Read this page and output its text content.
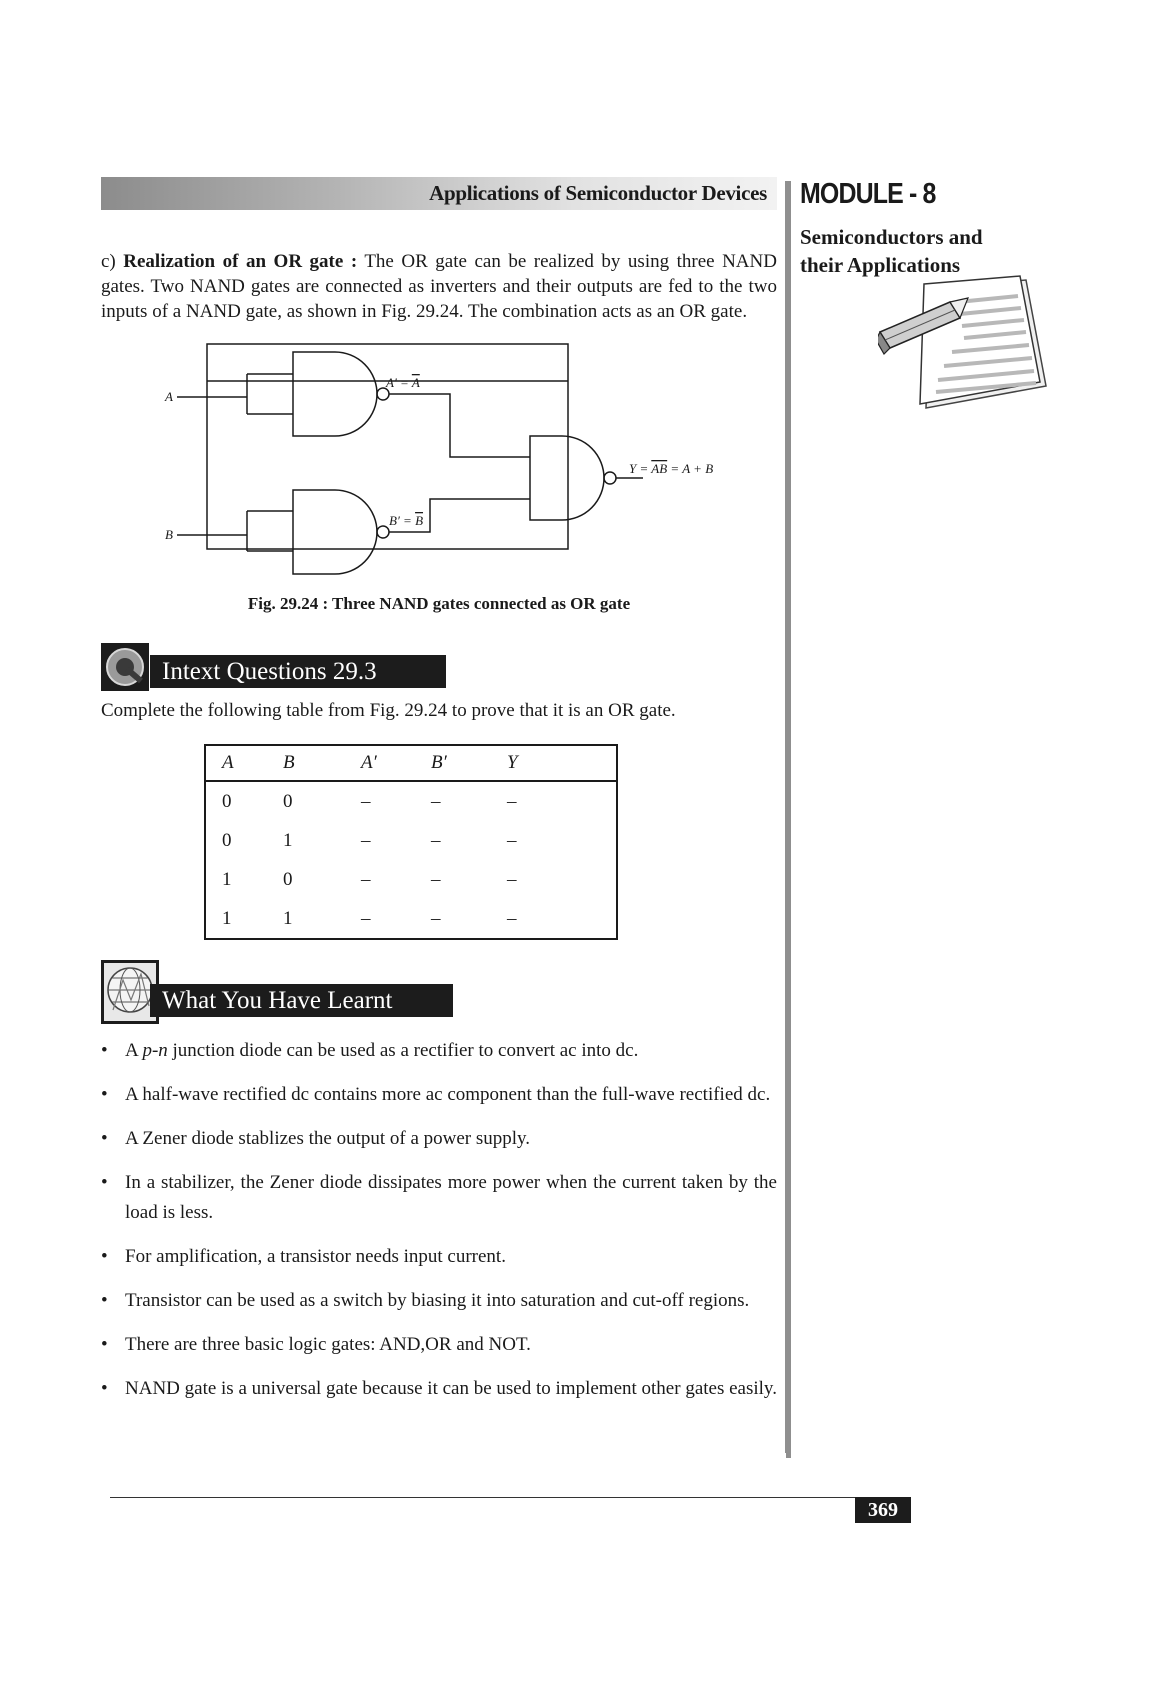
Applications of Semiconductor Devices MODULE - 8
Semiconductors and their Applications
c) Realization of an OR gate : The OR gate can be realized by using three NAND gates. Two NAND gates are connected as inverters and their outputs are fed to the two inputs of a NAND gate, as shown in Fig. 29.24. The combination acts as an OR gate.
A
B
A′ = A
B′ = B
Y = AB = A + B
Fig. 29.24 : Three NAND gates connected as OR gate
Intext Questions 29.3
Complete the following table from Fig. 29.24 to prove that it is an OR gate.
A	B	A′	B′	Y
0	0	–	–	–
0	1	–	–	–
1	0	–	–	–
1	1	–	–	–
What You Have Learnt
• A p-n junction diode can be used as a rectifier to convert ac into dc.
• A half-wave rectified dc contains more ac component than the full-wave rectified dc.
• A Zener diode stablizes the output of a power supply.
• In a stabilizer, the Zener diode dissipates more power when the current taken by the load is less.
• For amplification, a transistor needs input current.
• Transistor can be used as a switch by biasing it into saturation and cut-off regions.
• There are three basic logic gates: AND,OR and NOT.
• NAND gate is a universal gate because it can be used to implement other gates easily.
369
